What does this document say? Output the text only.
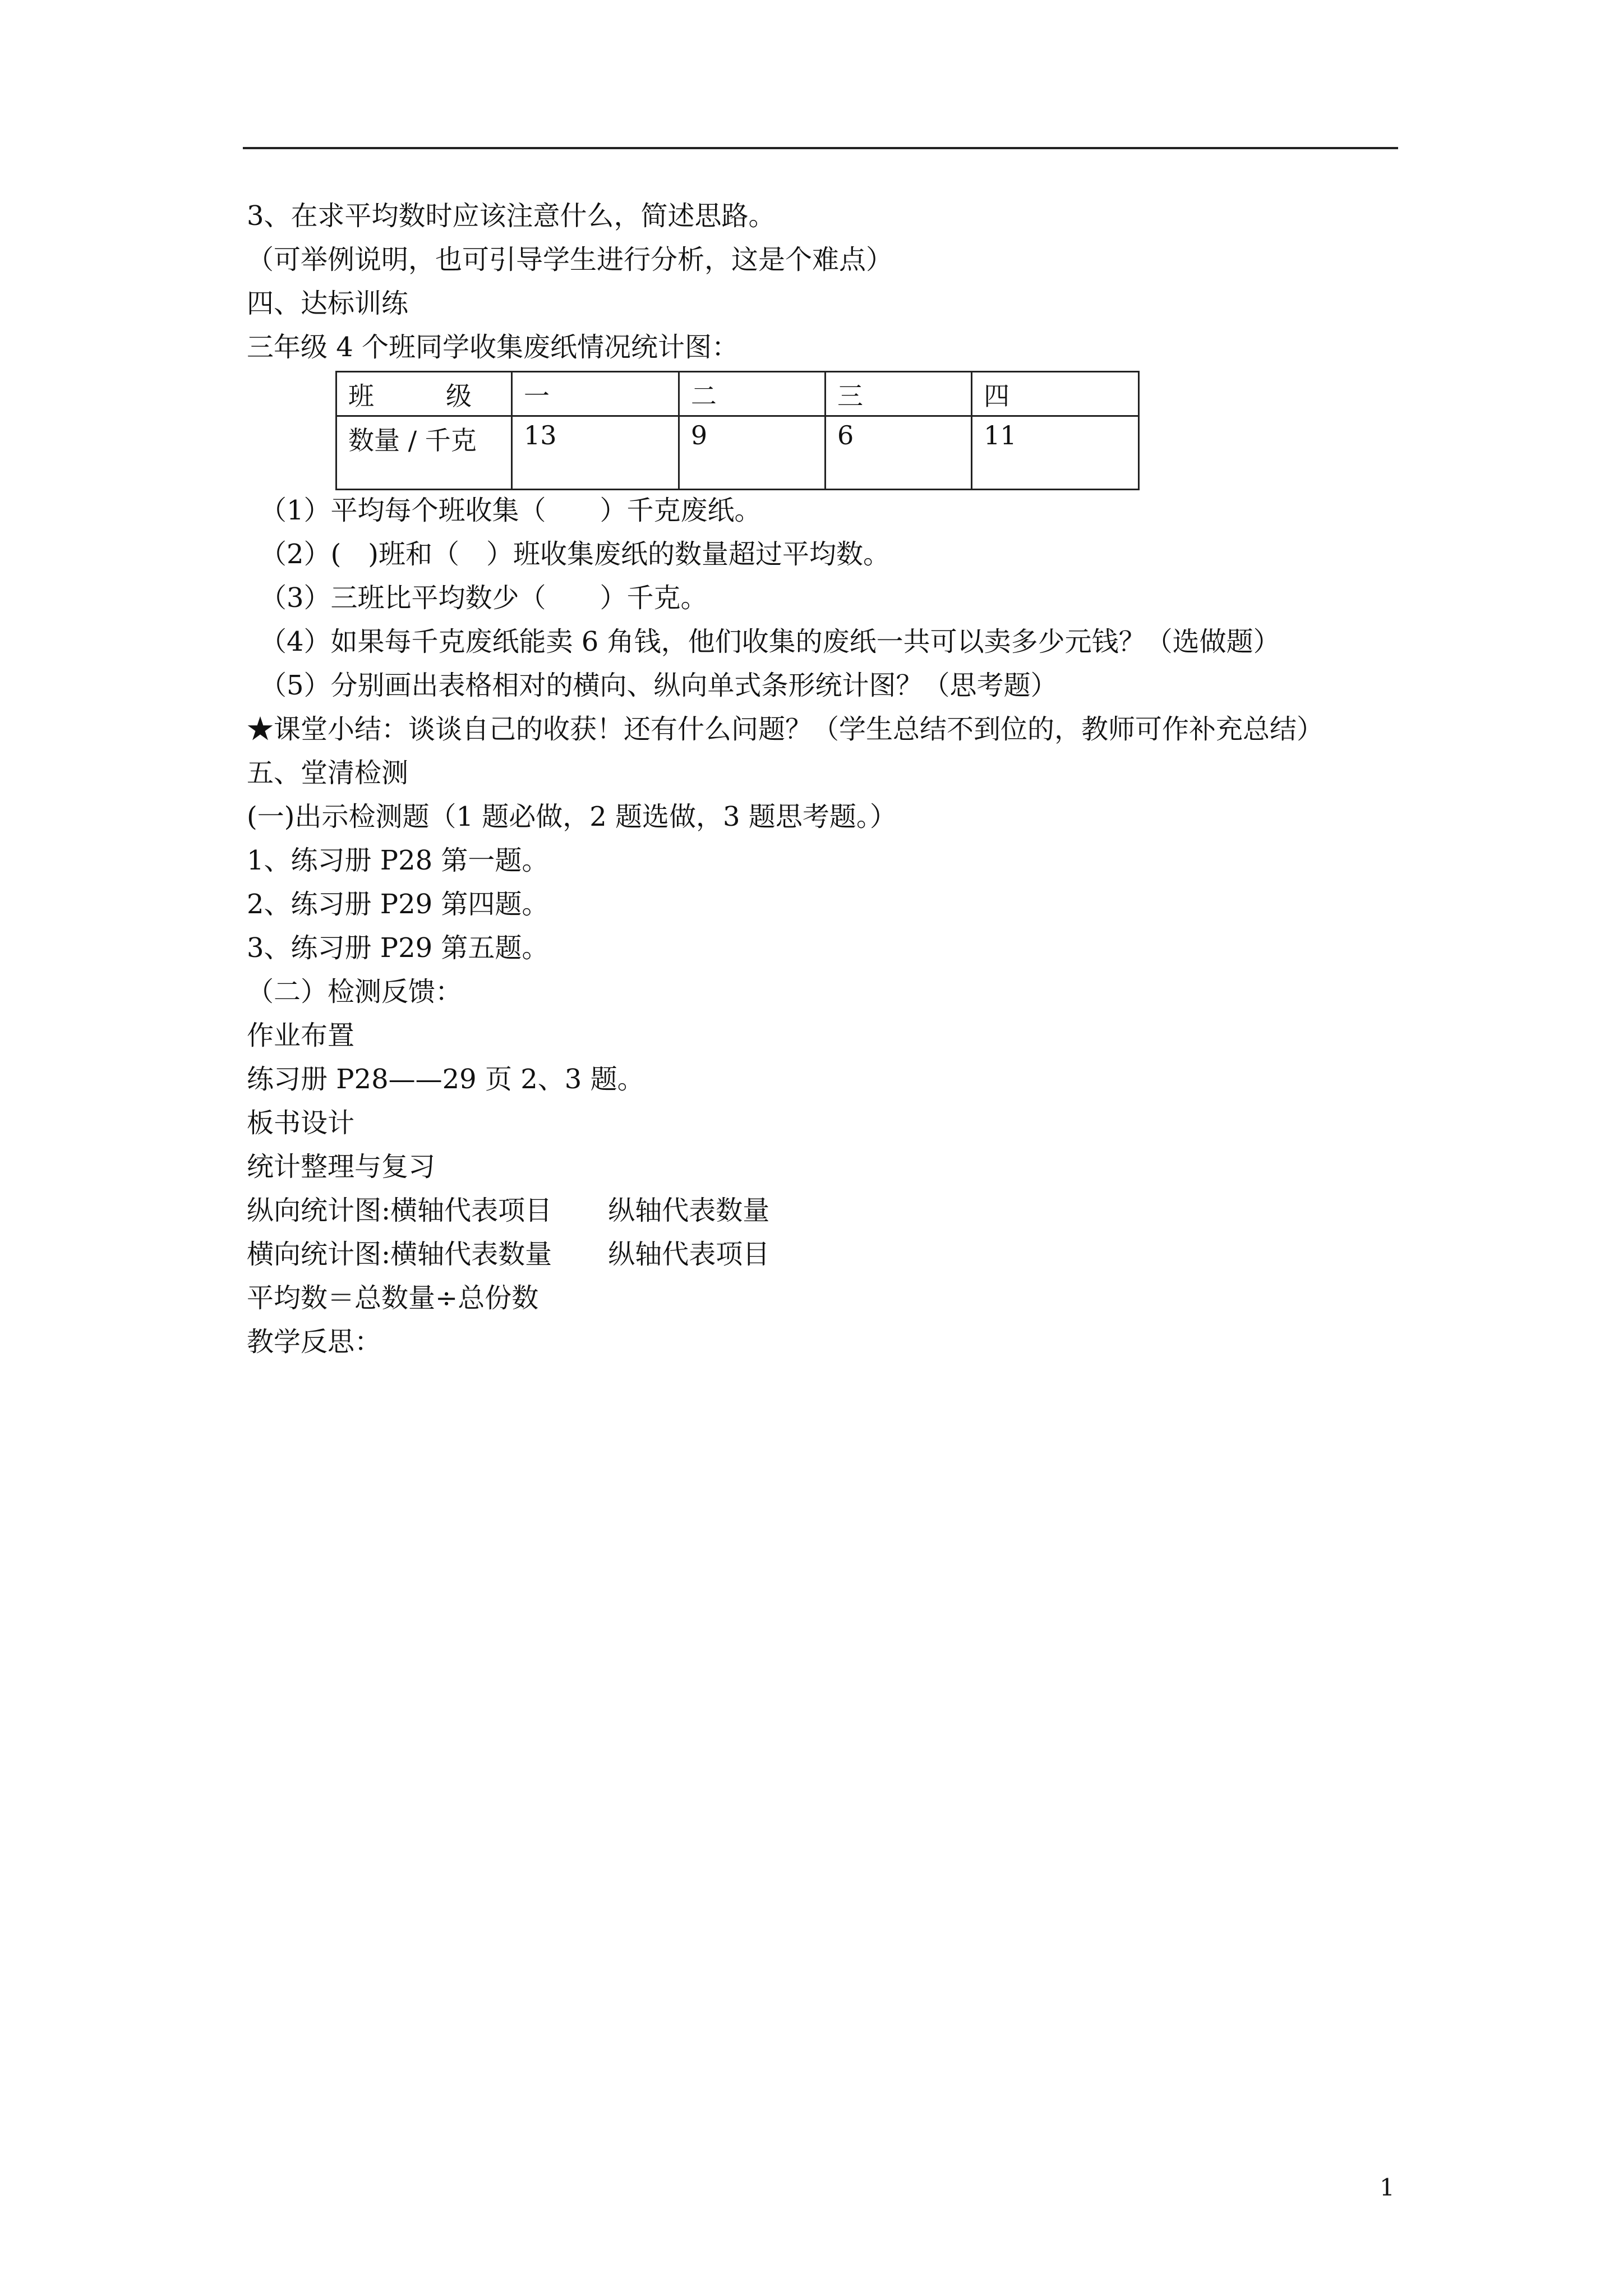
3、在求平均数时应该注意什么，简述思路。
（可举例说明，也可引导学生进行分析，这是个难点）
四、达标训练
三年级 4 个班同学收集废纸情况统计图：
班 级	一	二	三	四
数量 / 千克	13	9	6	11
（1）平均每个班收集（　　）千克废纸。
（2）(　)班和（　）班收集废纸的数量超过平均数。
（3）三班比平均数少（　　）千克。
（4）如果每千克废纸能卖 6 角钱，他们收集的废纸一共可以卖多少元钱？（选做题）
（5）分别画出表格相对的横向、纵向单式条形统计图？（思考题）
★课堂小结：谈谈自己的收获！还有什么问题？（学生总结不到位的，教师可作补充总结）
五、堂清检测
(一)出示检测题（1 题必做，2 题选做，3 题思考题。）
1、练习册 P28 第一题。
2、练习册 P29 第四题。
3、练习册 P29 第五题。
（二）检测反馈：
作业布置
练习册 P28——29 页 2、3 题。
板书设计
统计整理与复习
纵向统计图:横轴代表项目 纵轴代表数量
横向统计图:横轴代表数量 纵轴代表项目
平均数＝总数量÷总份数
教学反思：
1
